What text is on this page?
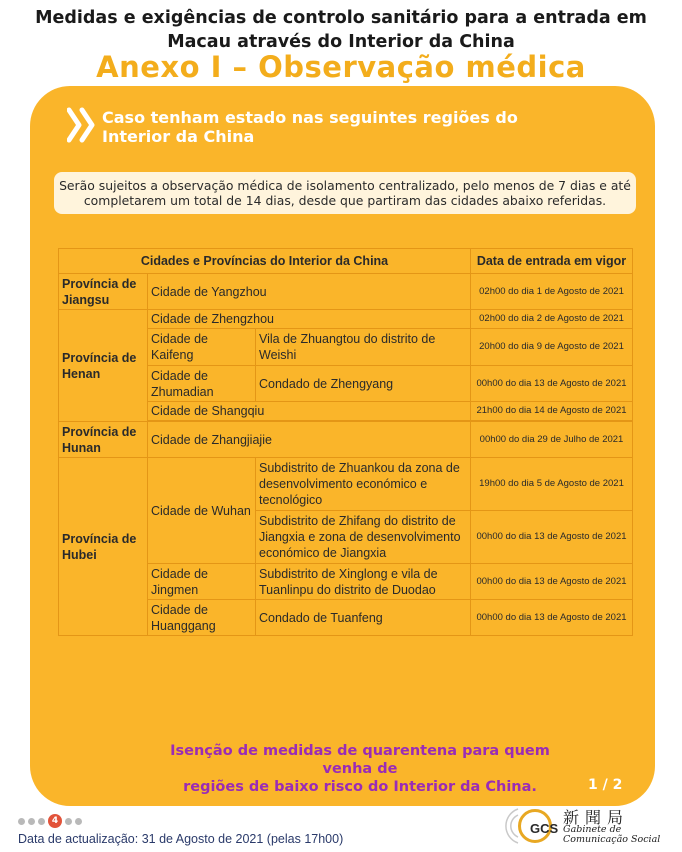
Medidas e exigências de controlo sanitário para a entrada em
Macau através do Interior da China
Anexo I – Observação médica
Caso tenham estado nas seguintes regiões do
Interior da China
Serão sujeitos a observação médica de isolamento centralizado, pelo menos de 7 dias e até
completarem um total de 14 dias, desde que partiram das cidades abaixo referidas.
Cidades e Províncias do Interior da China			Data de entrada em vigor
Província de Jiangsu	Cidade de Yangzhou		02h00 do dia 1 de Agosto de 2021
Província de Henan	Cidade de Zhengzhou		02h00 do dia 2 de Agosto de 2021
	Cidade de Kaifeng	Vila de Zhuangtou do distrito de Weishi	20h00 do dia 9 de Agosto de 2021
	Cidade de Zhumadian	Condado de Zhengyang	00h00 do dia 13 de Agosto de 2021
	Cidade de Shangqiu		21h00 do dia 14 de Agosto de 2021

Província de Hunan	Cidade de Zhangjiajie		00h00 do dia 29 de Julho de 2021
Província de Hubei	Cidade de Wuhan	Subdistrito de Zhuankou da zona de desenvolvimento económico e tecnológico	19h00 do dia 5 de Agosto de 2021
		Subdistrito de Zhifang do distrito de Jiangxia e zona de desenvolvimento económico de Jiangxia	00h00 do dia 13 de Agosto de 2021
	Cidade de Jingmen	Subdistrito de Xinglong e vila de Tuanlinpu do distrito de Duodao	00h00 do dia 13 de Agosto de 2021
	Cidade de Huanggang	Condado de Tuanfeng	00h00 do dia 13 de Agosto de 2021
Isenção de medidas de quarentena para quem venha de
regiões de baixo risco do Interior da China.	1 / 2
4
Data de actualização: 31 de Agosto de 2021 (pelas 17h00)
GCS
新聞局
Gabinete de
Comunicação Social
